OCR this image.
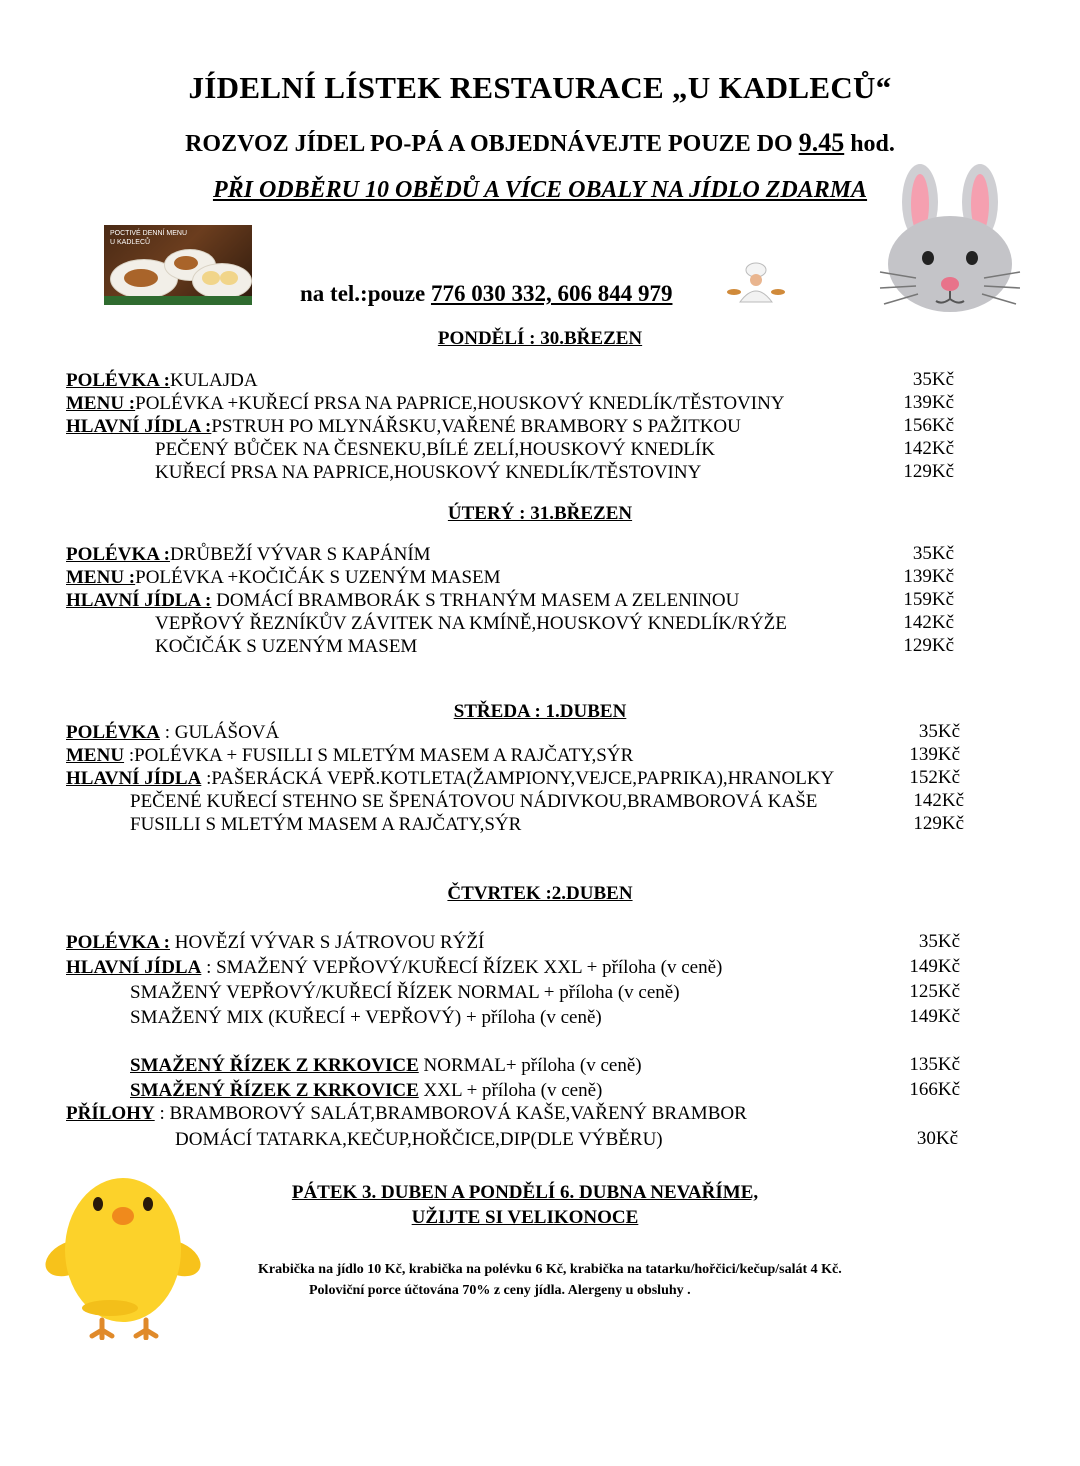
JÍDELNÍ LÍSTEK RESTAURACE „U KADLECŮ“
ROZVOZ JÍDEL PO-PÁ A OBJEDNÁVEJTE POUZE DO 9.45 hod.
PŘI ODBĚRU 10 OBĚDŮ A VÍCE OBALY NA JÍDLO ZDARMA
POCTIVÉ DENNÍ MENU
U KADLECŮ
na tel.:pouze 776 030 332, 606 844 979
PONDĚLÍ : 30.BŘEZEN
POLÉVKA :KULAJDA	35Kč
MENU :POLÉVKA +KUŘECÍ PRSA NA PAPRICE,HOUSKOVÝ KNEDLÍK/TĚSTOVINY	139Kč
HLAVNÍ JÍDLA :PSTRUH PO MLYNÁŘSKU,VAŘENÉ BRAMBORY S PAŽITKOU	156Kč
PEČENÝ BŮČEK NA ČESNEKU,BÍLÉ ZELÍ,HOUSKOVÝ KNEDLÍK	142Kč
KUŘECÍ PRSA NA PAPRICE,HOUSKOVÝ KNEDLÍK/TĚSTOVINY	129Kč
ÚTERÝ : 31.BŘEZEN
POLÉVKA :DRŮBEŽÍ VÝVAR S KAPÁNÍM	35Kč
MENU :POLÉVKA +KOČIČÁK S UZENÝM MASEM	139Kč
HLAVNÍ JÍDLA : DOMÁCÍ BRAMBORÁK S TRHANÝM MASEM A ZELENINOU	159Kč
VEPŘOVÝ ŘEZNÍKŮV ZÁVITEK NA KMÍNĚ,HOUSKOVÝ KNEDLÍK/RÝŽE	142Kč
KOČIČÁK S UZENÝM MASEM	129Kč
STŘEDA : 1.DUBEN
POLÉVKA : GULÁŠOVÁ	35Kč
MENU :POLÉVKA + FUSILLI S MLETÝM MASEM A RAJČATY,SÝR	139Kč
HLAVNÍ JÍDLA :PAŠERÁCKÁ VEPŘ.KOTLETA(ŽAMPIONY,VEJCE,PAPRIKA),HRANOLKY	152Kč
PEČENÉ KUŘECÍ STEHNO SE ŠPENÁTOVOU NÁDIVKOU,BRAMBOROVÁ KAŠE	142Kč
FUSILLI S MLETÝM MASEM A RAJČATY,SÝR	129Kč
ČTVRTEK :2.DUBEN
POLÉVKA : HOVĚZÍ VÝVAR S JÁTROVOU RÝŽÍ	35Kč
HLAVNÍ JÍDLA : SMAŽENÝ VEPŘOVÝ/KUŘECÍ ŘÍZEK XXL + příloha (v ceně)	149Kč
SMAŽENÝ VEPŘOVÝ/KUŘECÍ ŘÍZEK NORMAL + příloha (v ceně)	125Kč
SMAŽENÝ MIX (KUŘECÍ + VEPŘOVÝ) + příloha (v ceně)	149Kč
SMAŽENÝ ŘÍZEK Z KRKOVICE NORMAL+ příloha (v ceně)	135Kč
SMAŽENÝ ŘÍZEK Z KRKOVICE XXL + příloha (v ceně)	166Kč
PŘÍLOHY : BRAMBOROVÝ SALÁT,BRAMBOROVÁ KAŠE,VAŘENÝ BRAMBOR
DOMÁCÍ TATARKA,KEČUP,HOŘČICE,DIP(DLE VÝBĚRU)	30Kč
PÁTEK 3. DUBEN A PONDĚLÍ 6. DUBNA NEVAŘÍME,
UŽIJTE SI VELIKONOCE
Krabička na jídlo 10 Kč, krabička na polévku 6 Kč, krabička na tatarku/hořčici/kečup/salát 4 Kč.
Poloviční porce účtována 70% z ceny jídla. Alergeny u obsluhy .
